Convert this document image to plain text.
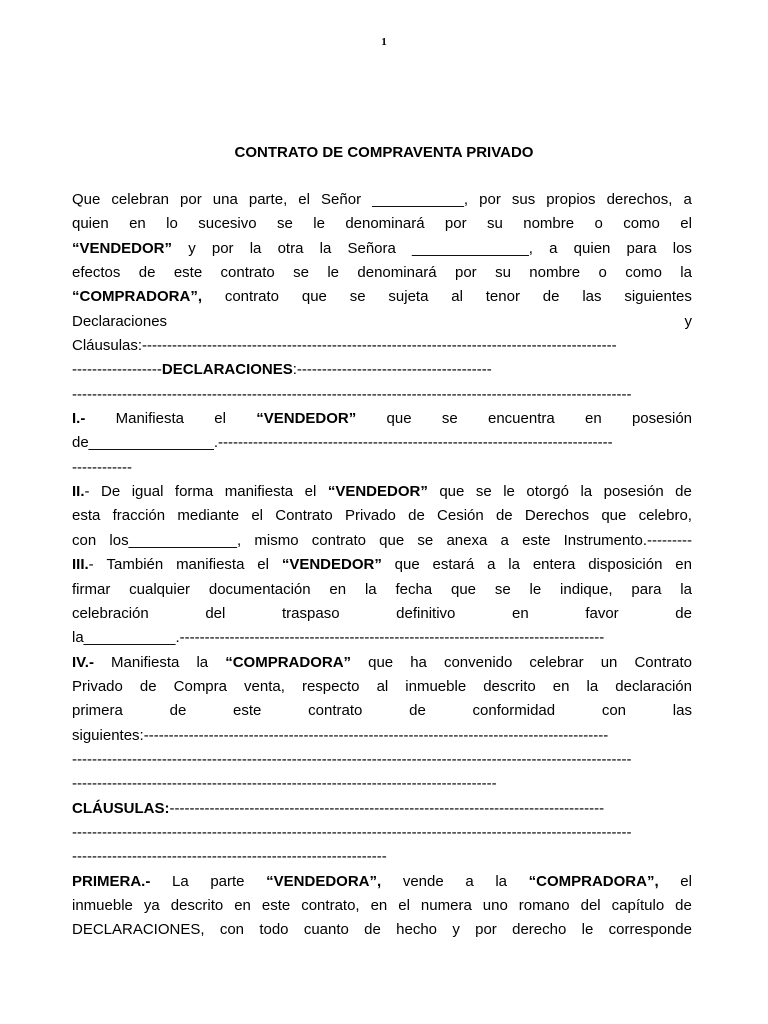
1
CONTRATO DE COMPRAVENTA PRIVADO
Que celebran por una parte, el Señor ___________, por sus propios derechos, a
quien en lo sucesivo se le denominará por su nombre o como el
“VENDEDOR” y por la otra la Señora ______________, a quien para los
efectos de este contrato se le denominará por su nombre o como la
“COMPRADORA”, contrato que se sujeta al tenor de las siguientes
Declaraciones	y
Cláusulas:-----------------------------------------------------------------------------------------------
------------------ DECLARACIONES :---------------------------------------
----------------------------------------------------------------------------------------------------------------
I.- Manifiesta el “VENDEDOR” que se encuentra en posesión
de_______________.-------------------------------------------------------------------------------
------------
II.- De igual forma manifiesta el “VENDEDOR” que se le otorgó la posesión de
esta fracción mediante el Contrato Privado de Cesión de Derechos que celebro,
con los_____________, mismo contrato que se anexa a este Instrumento.---------
III.- También manifiesta el “VENDEDOR” que estará a la entera disposición en
firmar cualquier documentación en la fecha que se le indique, para la
celebración	del	traspaso	definitivo	en	favor	de
la___________.-------------------------------------------------------------------------------------
IV.- Manifiesta la “COMPRADORA” que ha convenido celebrar un Contrato
Privado de Compra venta, respecto al inmueble descrito en la declaración
primera	de	este	contrato	de	conformidad	con	las
siguientes:---------------------------------------------------------------------------------------------
----------------------------------------------------------------------------------------------------------------
-------------------------------------------------------------------------------------
CLÁUSULAS: ---------------------------------------------------------------------------------------
----------------------------------------------------------------------------------------------------------------
---------------------------------------------------------------
PRIMERA.- La parte “VENDEDORA”, vende a la “COMPRADORA”, el
inmueble ya descrito en este contrato, en el numera uno romano del capítulo de
DECLARACIONES, con todo cuanto de hecho y por derecho le corresponde
